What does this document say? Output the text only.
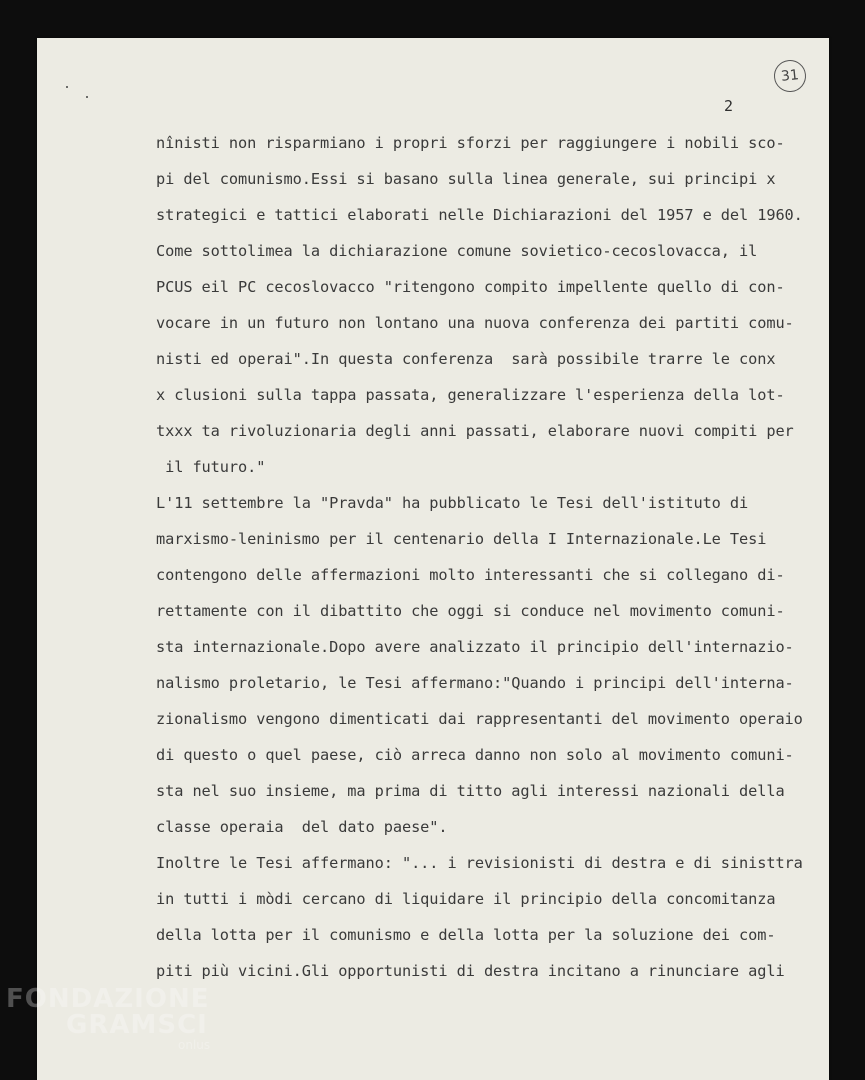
31
2
nînisti non risparmiano i propri sforzi per raggiungere i nobili sco-
pi del comunismo.Essi si basano sulla linea generale, sui principi x
strategici e tattici elaborati nelle Dichiarazioni del 1957 e del 1960.
Come sottolimea la dichiarazione comune sovietico-cecoslovacca, il
PCUS eil PC cecoslovacco "ritengono compito impellente quello di con-
vocare in un futuro non lontano una nuova conferenza dei partiti comu-
nisti ed operai".In questa conferenza  sarà possibile trarre le conx
x clusioni sulla tappa passata, generalizzare l'esperienza della lot-
txxx ta rivoluzionaria degli anni passati, elaborare nuovi compiti per
il futuro."
L'11 settembre la "Pravda" ha pubblicato le Tesi dell'istituto di
marxismo-leninismo per il centenario della I Internazionale.Le Tesi
contengono delle affermazioni molto interessanti che si collegano di-
rettamente con il dibattito che oggi si conduce nel movimento comuni-
sta internazionale.Dopo avere analizzato il principio dell'internazio-
nalismo proletario, le Tesi affermano:"Quando i principi dell'interna-
zionalismo vengono dimenticati dai rappresentanti del movimento operaio
di questo o quel paese, ciò arreca danno non solo al movimento comuni-
sta nel suo insieme, ma prima di titto agli interessi nazionali della
classe operaia  del dato paese".
Inoltre le Tesi affermano: "... i revisionisti di destra e di sinisttra
in tutti i mòdi cercano di liquidare il principio della concomitanza
della lotta per il comunismo e della lotta per la soluzione dei com-
piti più vicini.Gli opportunisti di destra incitano a rinunciare agli
FONDAZIONE
GRAMSCI
onlus
